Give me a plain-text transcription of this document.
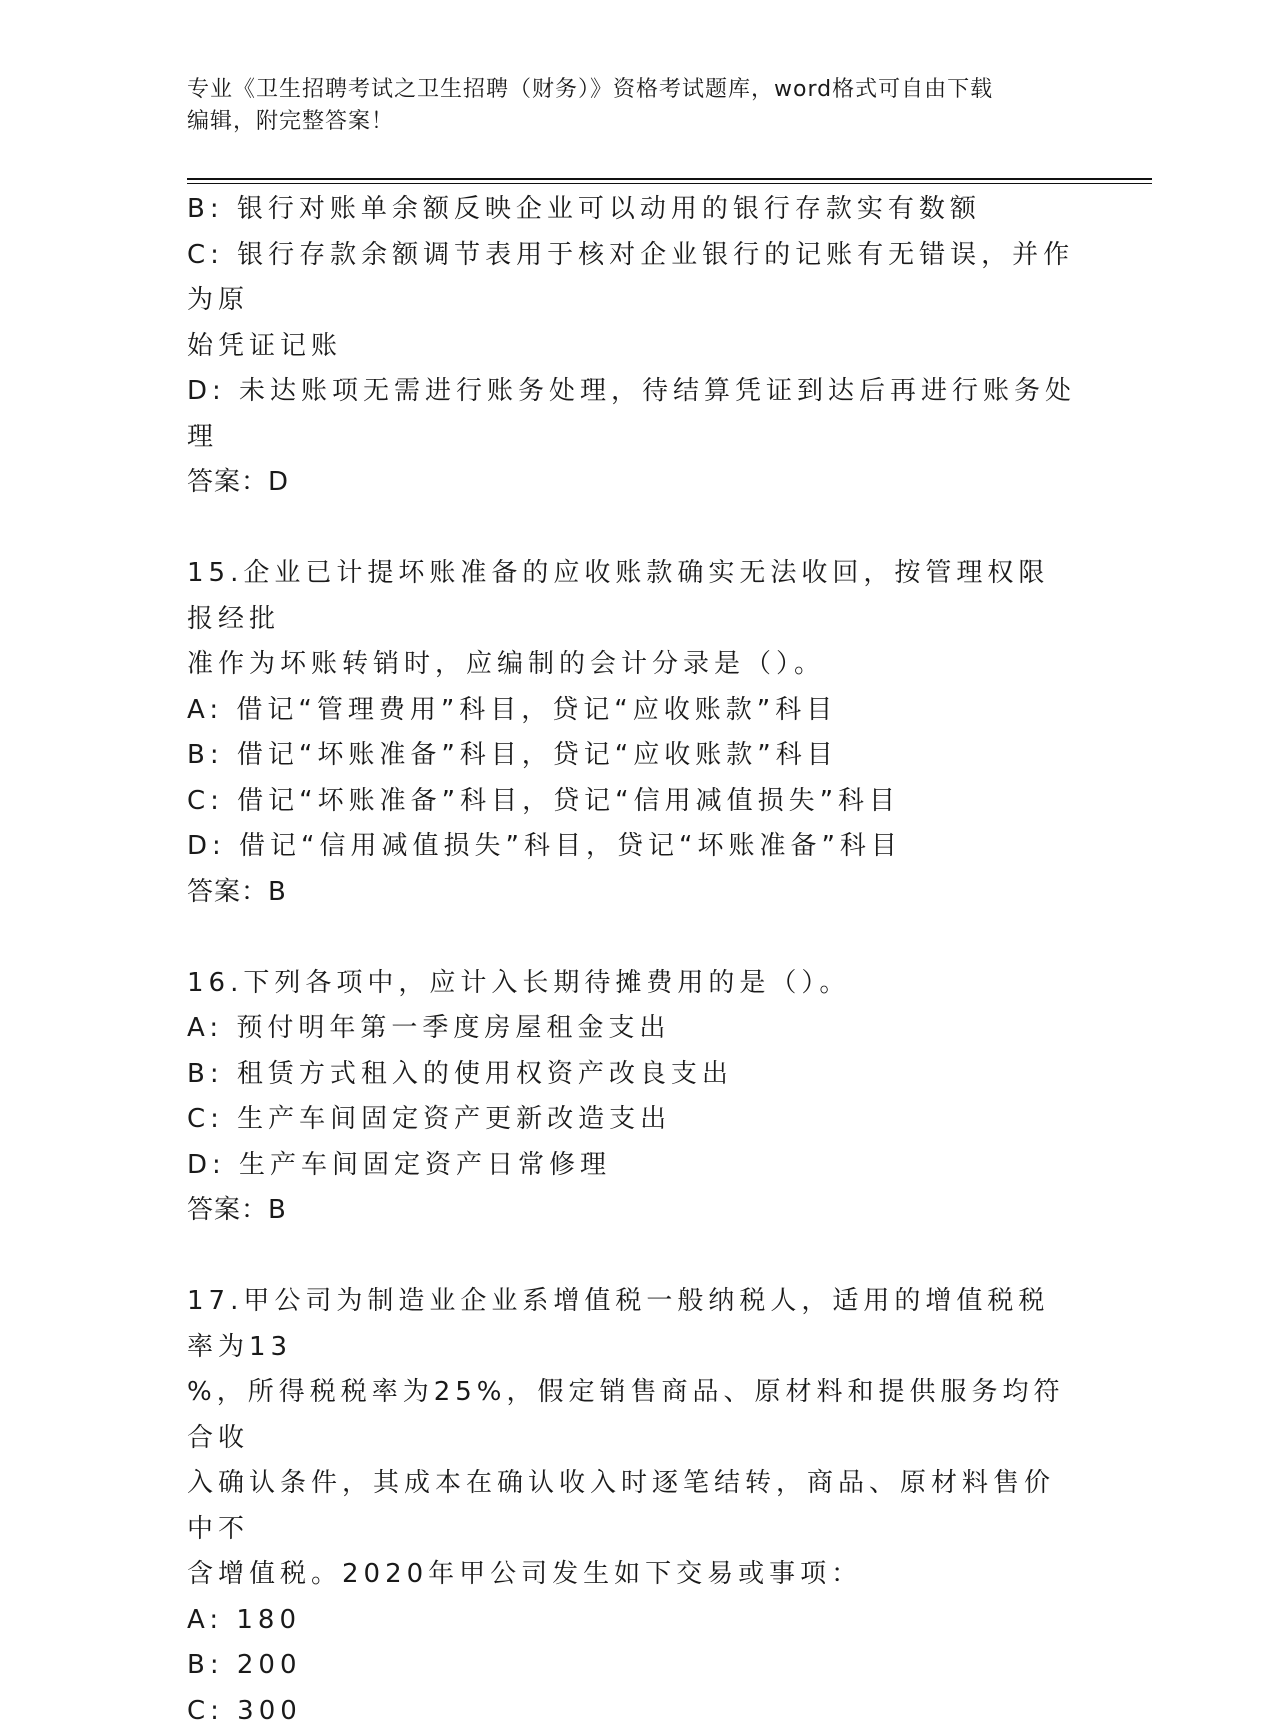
专业《卫生招聘考试之卫生招聘（财务）》资格考试题库，word格式可自由下载
编辑，附完整答案！

B: 银行对账单余额反映企业可以动用的银行存款实有数额

C: 银行存款余额调节表用于核对企业银行的记账有无错误，并作为原

始凭证记账

D: 未达账项无需进行账务处理，待结算凭证到达后再进行账务处理

答案：D

15.企业已计提坏账准备的应收账款确实无法收回，按管理权限报经批

准作为坏账转销时，应编制的会计分录是（）。

A: 借记“管理费用”科目，贷记“应收账款”科目

B: 借记“坏账准备”科目，贷记“应收账款”科目

C: 借记“坏账准备”科目，贷记“信用减值损失”科目

D: 借记“信用减值损失”科目，贷记“坏账准备”科目

答案：B

16.下列各项中，应计入长期待摊费用的是（）。

A: 预付明年第一季度房屋租金支出

B: 租赁方式租入的使用权资产改良支出

C: 生产车间固定资产更新改造支出

D: 生产车间固定资产日常修理

答案：B

17.甲公司为制造业企业系增值税一般纳税人，适用的增值税税率为13

%，所得税税率为25%，假定销售商品、原材料和提供服务均符合收

入确认条件，其成本在确认收入时逐笔结转，商品、原材料售价中不

含增值税。2020年甲公司发生如下交易或事项：

A: 180

B: 200

C: 300
